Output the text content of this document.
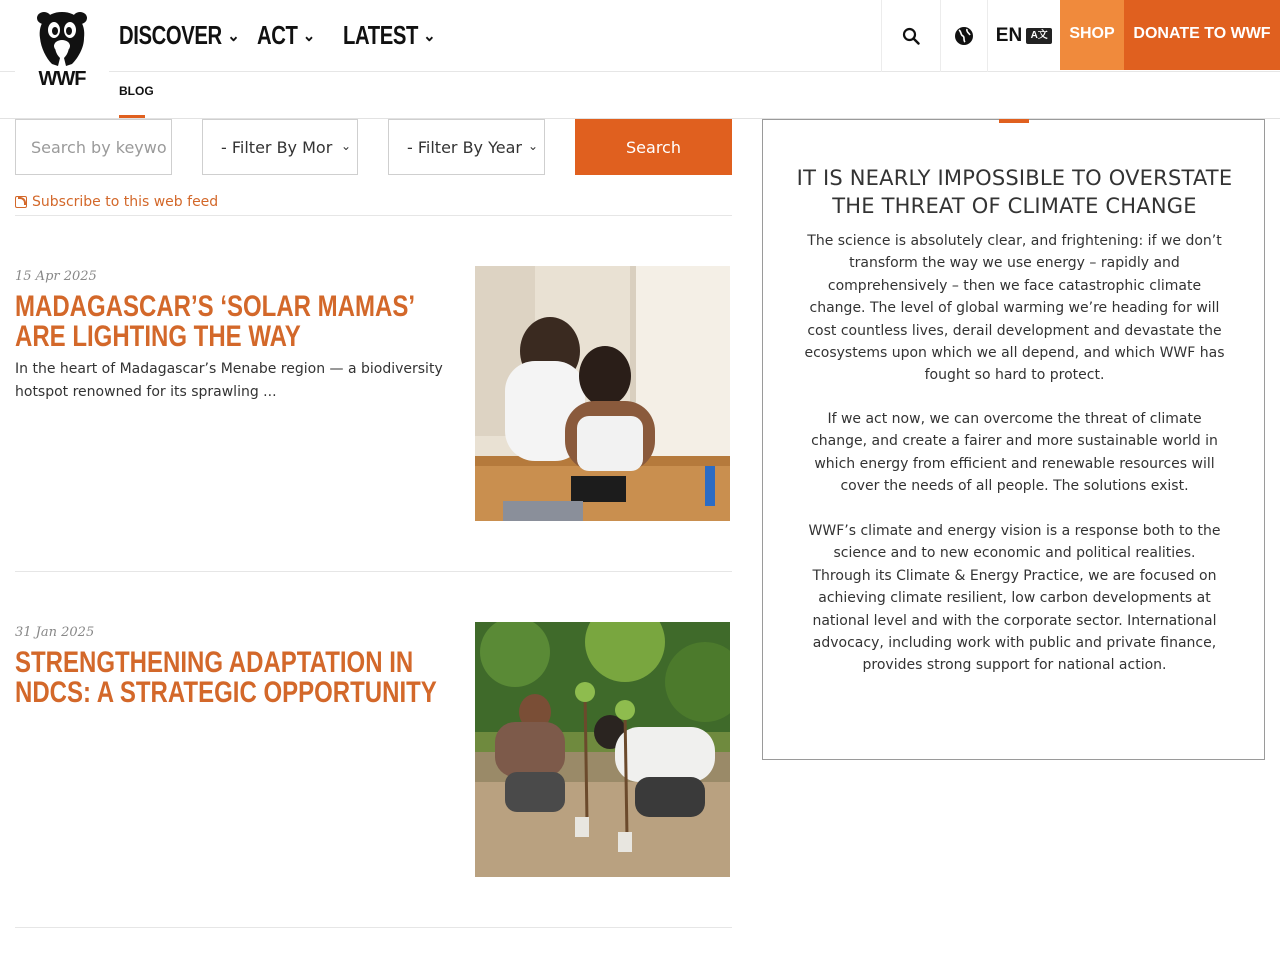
EN A文	SHOP	DONATE TO WWF
DISCOVER ⌄ ACT ⌄ LATEST ⌄
BLOG
WWF
Search by keywo	- Filter By Mor ⌄	- Filter By Year ⌄	Search
Subscribe to this web feed
15 Apr 2025
MADAGASCAR’S ‘SOLAR MAMAS’ ARE LIGHTING THE WAY
In the heart of Madagascar’s Menabe region — a biodiversity hotspot renowned for its sprawling ...
31 Jan 2025
STRENGTHENING ADAPTATION IN NDCS: A STRATEGIC OPPORTUNITY
IT IS NEARLY IMPOSSIBLE TO OVERSTATE THE THREAT OF CLIMATE CHANGE
The science is absolutely clear, and frightening: if we don’t transform the way we use energy – rapidly and comprehensively – then we face catastrophic climate change. The level of global warming we’re heading for will cost countless lives, derail development and devastate the ecosystems upon which we all depend, and which WWF has fought so hard to protect.
If we act now, we can overcome the threat of climate change, and create a fairer and more sustainable world in which energy from efficient and renewable resources will cover the needs of all people. The solutions exist.
WWF’s climate and energy vision is a response both to the science and to new economic and political realities. Through its Climate & Energy Practice, we are focused on achieving climate resilient, low carbon developments at national level and with the corporate sector. International advocacy, including work with public and private finance, provides strong support for national action.
